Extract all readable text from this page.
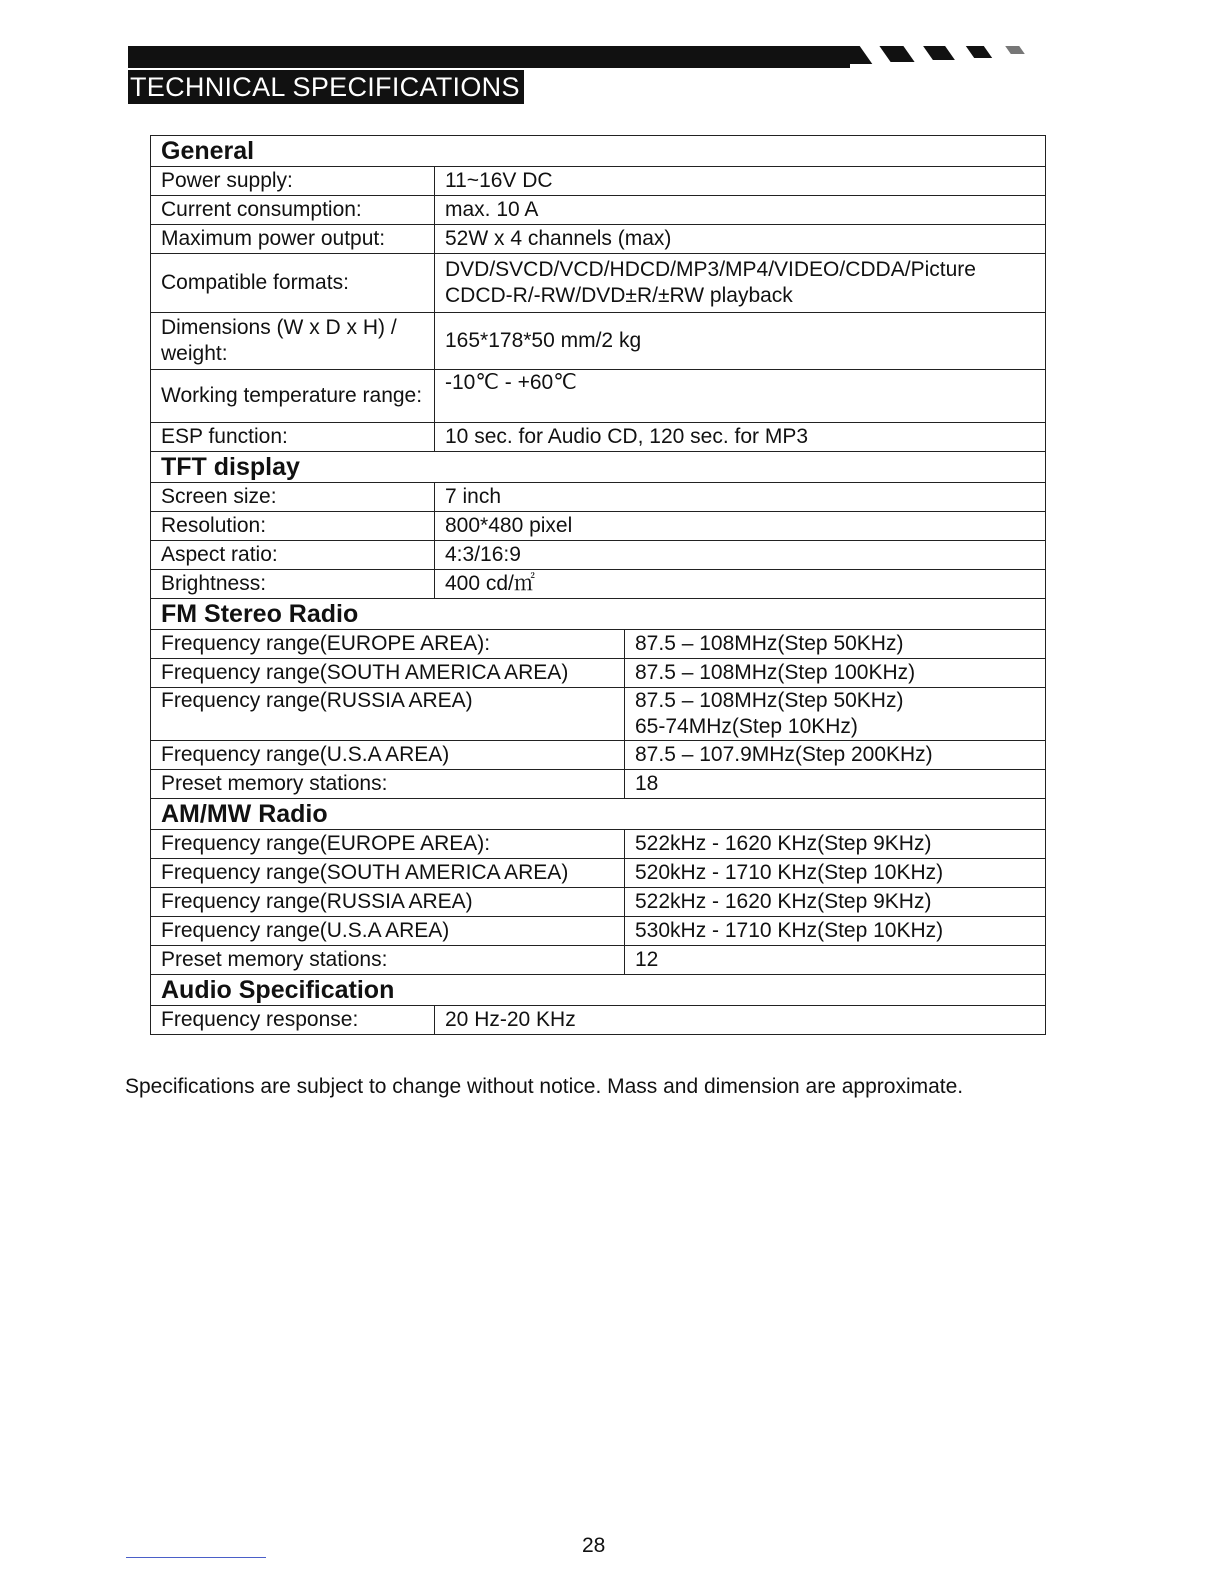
TECHNICAL SPECIFICATIONS
General		
Power supply:	11~16V DC	
Current consumption:	max. 10 A	
Maximum power output:	52W x 4 channels (max)	
Compatible formats:	DVD/SVCD/VCD/HDCD/MP3/MP4/VIDEO/CDDA/Picture CDCD-R/-RW/DVD±R/±RW playback	
Dimensions (W x D x H) / weight:	165*178*50 mm/2 kg	
Working temperature range:	-10℃ - +60℃	
ESP function:	10 sec. for Audio CD, 120 sec. for MP3	
TFT display		
Screen size:	7 inch	
Resolution:	800*480 pixel	
Aspect ratio:	4:3/16:9	
Brightness:	400 cd/㎡	
FM Stereo Radio		
Frequency range(EUROPE AREA):		87.5 – 108MHz(Step 50KHz)
Frequency range(SOUTH AMERICA AREA)		87.5 – 108MHz(Step 100KHz)
Frequency range(RUSSIA AREA)		87.5 – 108MHz(Step 50KHz)
65-74MHz(Step 10KHz)

Frequency range(U.S.A AREA)		87.5 – 107.9MHz(Step 200KHz)
Preset memory stations:		18
AM/MW Radio		
Frequency range(EUROPE AREA):		522kHz - 1620 KHz(Step 9KHz)
Frequency range(SOUTH AMERICA AREA)		520kHz - 1710 KHz(Step 10KHz)
Frequency range(RUSSIA AREA)		522kHz - 1620 KHz(Step 9KHz)
Frequency range(U.S.A AREA)		530kHz - 1710 KHz(Step 10KHz)
Preset memory stations:		12
Audio Specification		
Frequency response:	20 Hz-20 KHz	
Specifications are subject to change without notice. Mass and dimension are approximate.
28
